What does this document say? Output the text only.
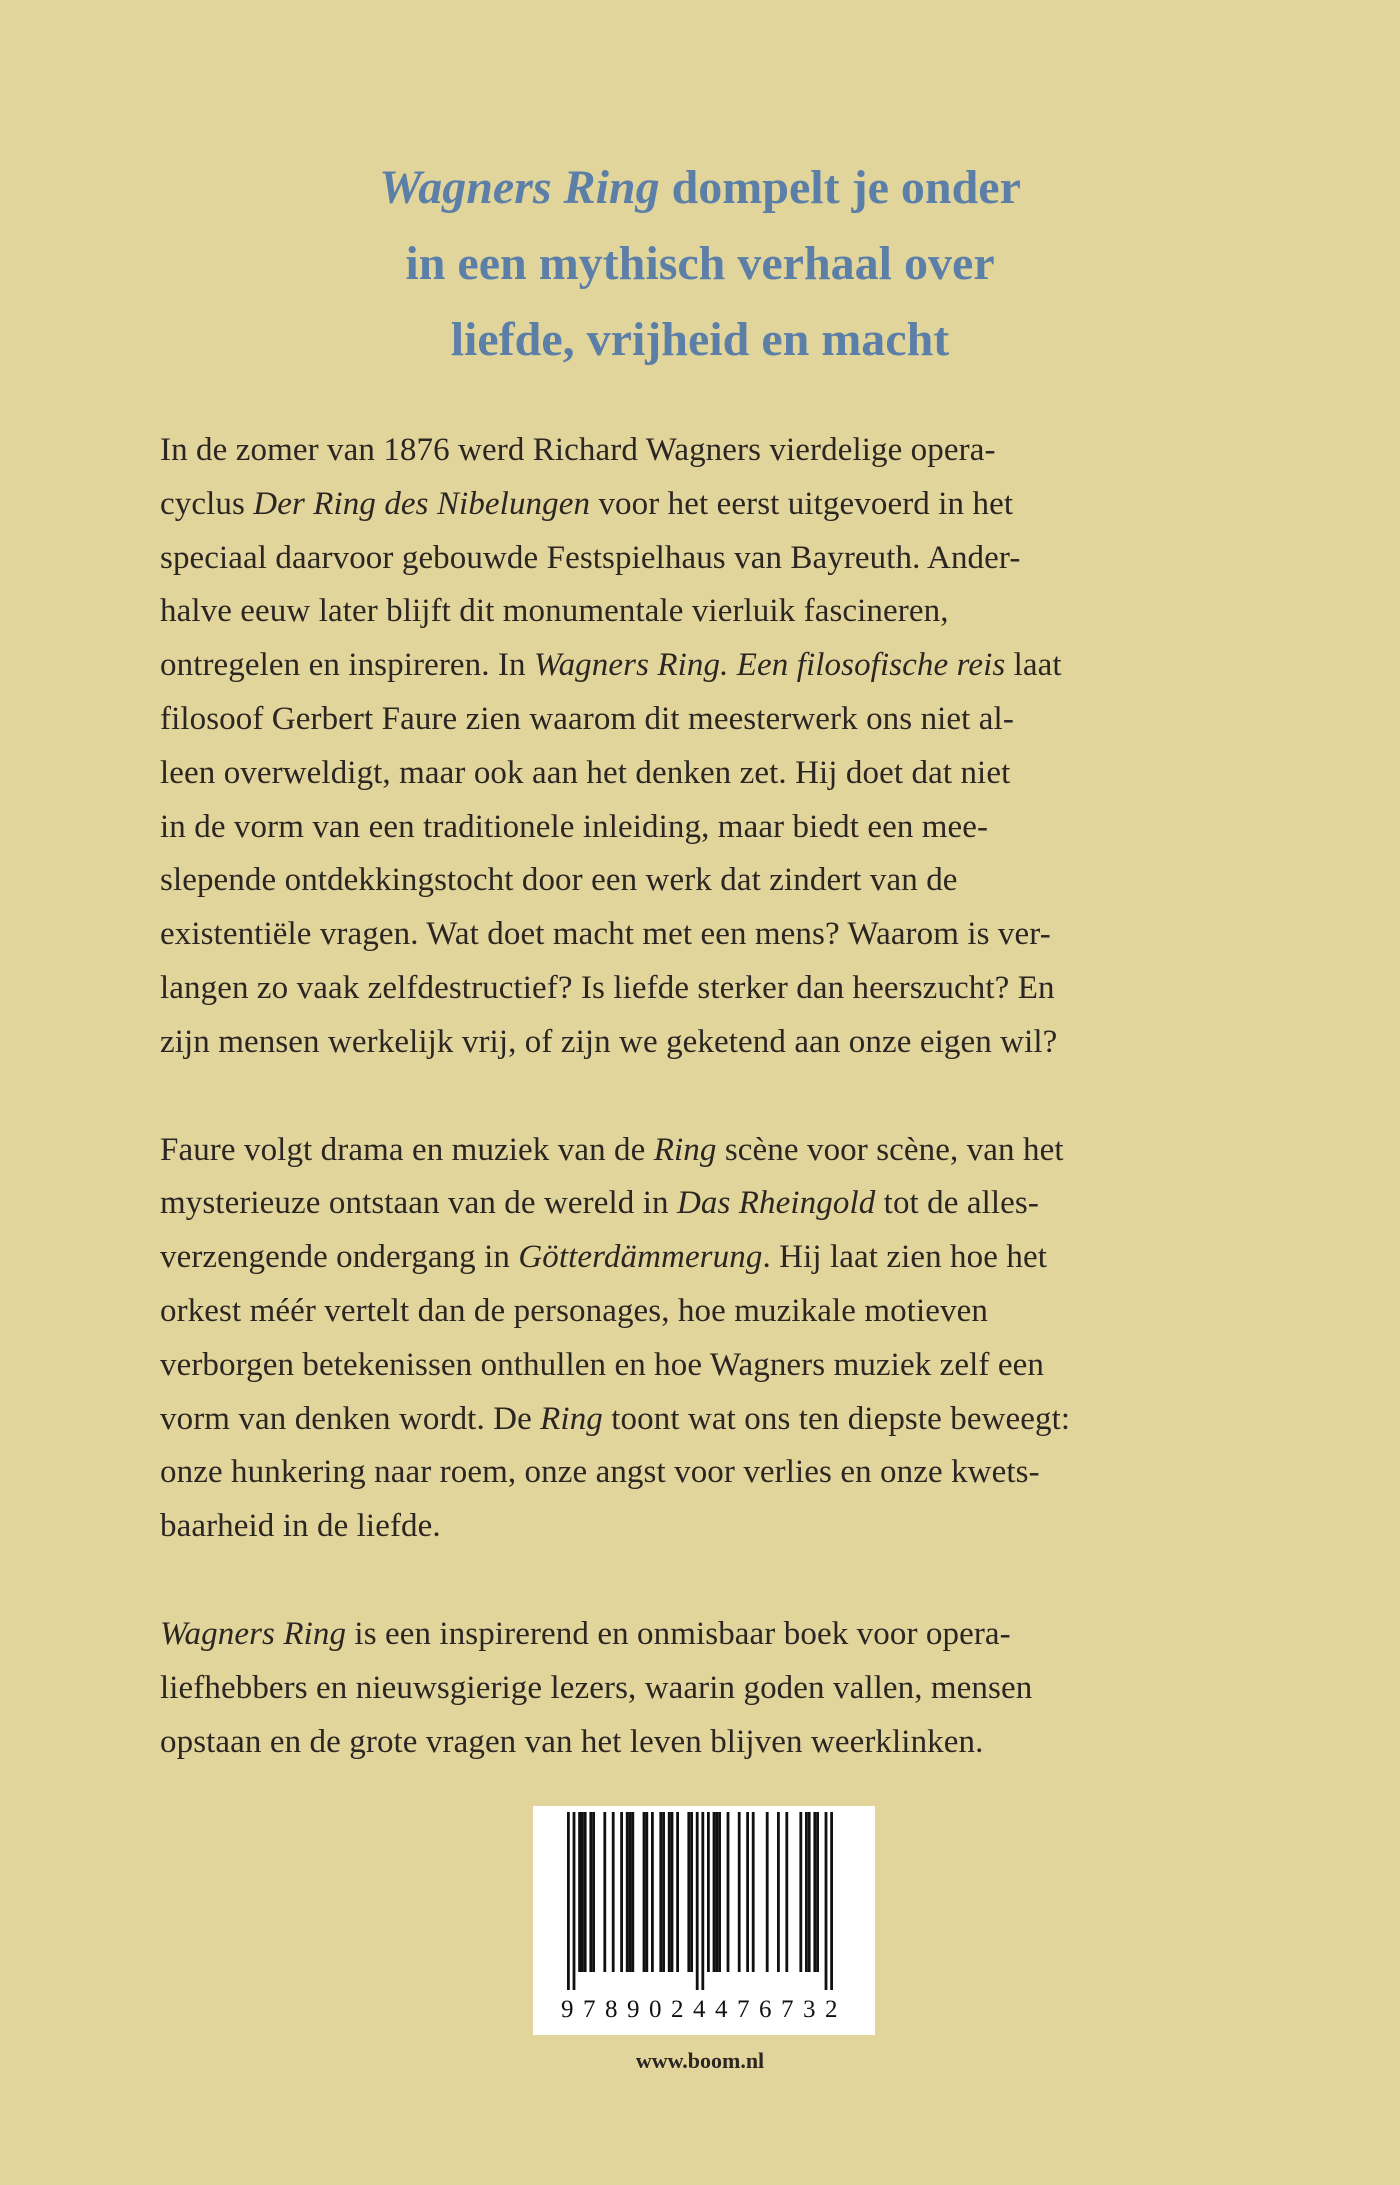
Wagners Ring dompelt je onder
in een mythisch verhaal over
liefde, vrijheid en macht
In de zomer van 1876 werd Richard Wagners vierdelige opera-
cyclus Der Ring des Nibelungen voor het eerst uitgevoerd in het
speciaal daarvoor gebouwde Festspielhaus van Bayreuth. Ander-
halve eeuw later blijft dit monumentale vierluik fascineren,
ontregelen en inspireren. In Wagners Ring. Een filosofische reis laat
filosoof Gerbert Faure zien waarom dit meesterwerk ons niet al-
leen overweldigt, maar ook aan het denken zet. Hij doet dat niet
in de vorm van een traditionele inleiding, maar biedt een mee-
slepende ontdekkingstocht door een werk dat zindert van de
existentiële vragen. Wat doet macht met een mens? Waarom is ver-
langen zo vaak zelfdestructief? Is liefde sterker dan heerszucht? En
zijn mensen werkelijk vrij, of zijn we geketend aan onze eigen wil?
Faure volgt drama en muziek van de Ring scène voor scène, van het
mysterieuze ontstaan van de wereld in Das Rheingold tot de alles-
verzengende ondergang in Götterdämmerung. Hij laat zien hoe het
orkest méér vertelt dan de personages, hoe muzikale motieven
verborgen betekenissen onthullen en hoe Wagners muziek zelf een
vorm van denken wordt. De Ring toont wat ons ten diepste beweegt:
onze hunkering naar roem, onze angst voor verlies en onze kwets-
baarheid in de liefde.
Wagners Ring is een inspirerend en onmisbaar boek voor opera-
liefhebbers en nieuwsgierige lezers, waarin goden vallen, mensen
opstaan en de grote vragen van het leven blijven weerklinken.
9789024476732
www.boom.nl
